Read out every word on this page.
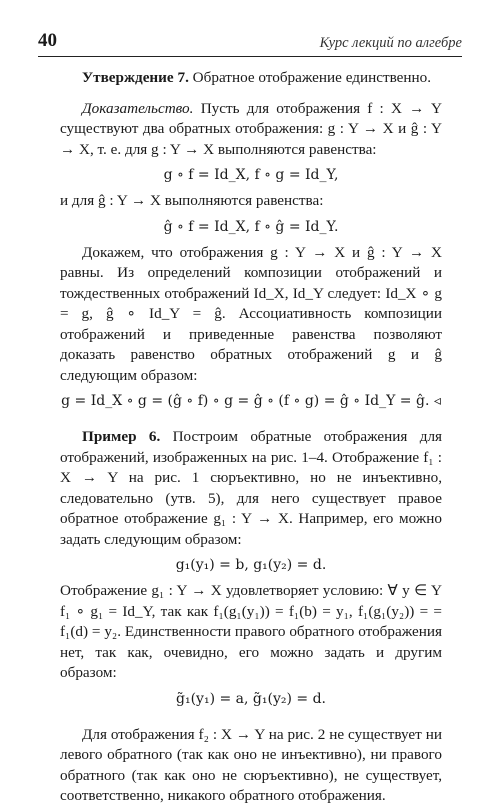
40	Курс лекций по алгебре

Утверждение 7. Обратное отображение единственно.

Доказательство. Пусть для отображения f : X → Y существуют два обратных отображения: g : Y → X и ĝ : Y → X, т. е. для g : Y → X выполняются равенства:

g ∘ f = Id_X, f ∘ g = Id_Y,

и для ĝ : Y → X выполняются равенства:

ĝ ∘ f = Id_X, f ∘ ĝ = Id_Y.

Докажем, что отображения g : Y → X и ĝ : Y → X равны. Из определений композиции отображений и тождественных отображений Id_X, Id_Y следует: Id_X ∘ g = g, ĝ ∘ Id_Y = ĝ. Ассоциативность композиции отображений и приведенные равенства позволяют доказать равенство обратных отображений g и ĝ следующим образом:

g = Id_X ∘ g = (ĝ ∘ f) ∘ g = ĝ ∘ (f ∘ g) = ĝ ∘ Id_Y = ĝ. ◃

Пример 6. Построим обратные отображения для отображений, изображенных на рис. 1–4. Отображение f₁ : X → Y на рис. 1 сюръективно, но не инъективно, следовательно (утв. 5), для него существует правое обратное отображение g₁ : Y → X. Например, его можно задать следующим образом:

g₁(y₁) = b, g₁(y₂) = d.

Отображение g₁ : Y → X удовлетворяет условию: ∀ y ∈ Y f₁ ∘ g₁ = Id_Y, так как f₁(g₁(y₁)) = f₁(b) = y₁, f₁(g₁(y₂)) = = f₁(d) = y₂. Единственности правого обратного отображения нет, так как, очевидно, его можно задать и другим образом:

g̃₁(y₁) = a, g̃₁(y₂) = d.

Для отображения f₂ : X → Y на рис. 2 не существует ни левого обратного (так как оно не инъективно), ни правого обратного (так как оно не сюръективно), не существует, соответственно, никакого обратного отображения.
